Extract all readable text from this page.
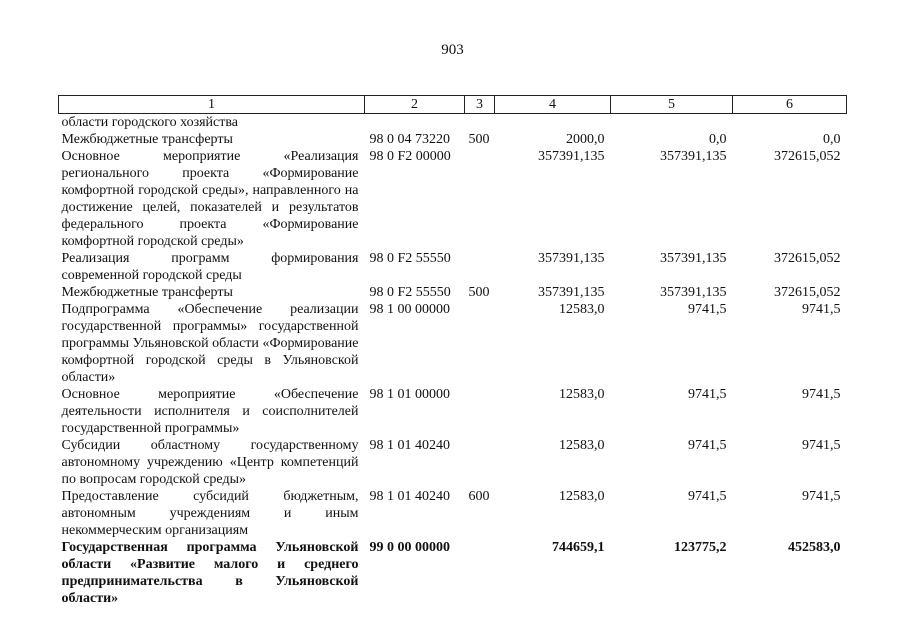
903
1	2	3	4	5	6
области городского хозяйства					
Межбюджетные трансферты	98 0 04 73220	500	2000,0	0,0	0,0
Основное мероприятие «Реализация регионального проекта «Формирование комфортной городской среды», направленного на достижение целей, показателей и результатов федерального проекта «Формирование комфортной городской среды»	98 0 F2 00000		357391,135	357391,135	372615,052
Реализация программ формирования современной городской среды	98 0 F2 55550		357391,135	357391,135	372615,052
Межбюджетные трансферты	98 0 F2 55550	500	357391,135	357391,135	372615,052
Подпрограмма «Обеспечение реализации государственной программы» государственной программы Ульяновской области «Формирование комфортной городской среды в Ульяновской области»	98 1 00 00000		12583,0	9741,5	9741,5
Основное мероприятие «Обеспечение деятельности исполнителя и соисполнителей государственной программы»	98 1 01 00000		12583,0	9741,5	9741,5
Субсидии областному государственному автономному учреждению «Центр компетенций по вопросам городской среды»	98 1 01 40240		12583,0	9741,5	9741,5
Предоставление субсидий бюджетным, автономным учреждениям и иным некоммерческим организациям	98 1 01 40240	600	12583,0	9741,5	9741,5
Государственная программа Ульяновской области «Развитие малого и среднего предпринимательства в Ульяновской области»	99 0 00 00000		744659,1	123775,2	452583,0
